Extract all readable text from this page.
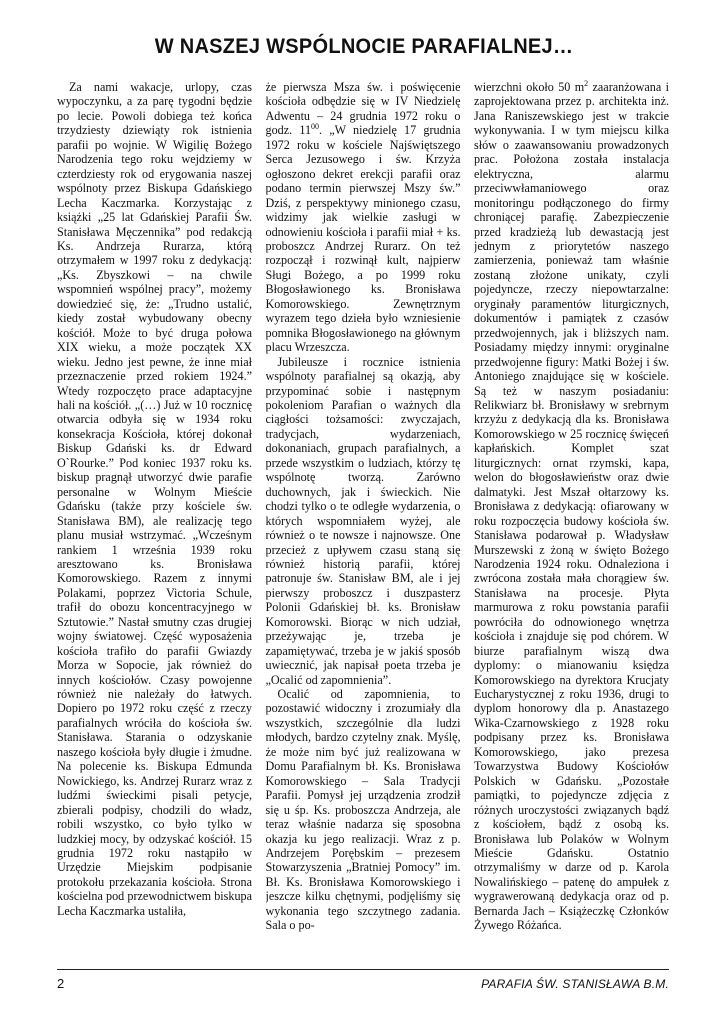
W NASZEJ WSPÓLNOCIE PARAFIALNEJ…

Za nami wakacje, urlopy, czas wypoczynku, a za parę tygodni będzie po lecie. Powoli dobiega też końca trzydziesty dziewiąty rok istnienia parafii po wojnie. W Wigilię Bożego Narodzenia tego roku wejdziemy w czterdziesty rok od erygowania naszej wspólnoty przez Biskupa Gdańskiego Lecha Kaczmarka. Korzystając z książki „25 lat Gdańskiej Parafii Św. Stanisława Męczennika” pod redakcją Ks. Andrzeja Rurarza, którą otrzymałem w 1997 roku z dedykacją: „Ks. Zbyszkowi – na chwile wspomnień wspólnej pracy”, możemy dowiedzieć się, że: „Trudno ustalić, kiedy został wybudowany obecny kościół. Może to być druga połowa XIX wieku, a może początek XX wieku. Jedno jest pewne, że inne miał przeznaczenie przed rokiem 1924.” Wtedy rozpoczęto prace adaptacyjne hali na kościół. „(…) Już w 10 rocznicę otwarcia odbyła się w 1934 roku konsekracja Kościoła, której dokonał Biskup Gdański ks. dr Edward O`Rourke.” Pod koniec 1937 roku ks. biskup pragnął utworzyć dwie parafie personalne w Wolnym Mieście Gdańsku (także przy kościele św. Stanisława BM), ale realizację tego planu musiał wstrzymać. „Wcześnym rankiem 1 września 1939 roku aresztowano ks. Bronisława Komorowskiego. Razem z innymi Polakami, poprzez Victoria Schule, trafił do obozu koncentracyjnego w Sztutowie.” Nastał smutny czas drugiej wojny światowej. Część wyposażenia kościoła trafiło do parafii Gwiazdy Morza w Sopocie, jak również do innych kościołów. Czasy powojenne również nie należały do łatwych. Dopiero po 1972 roku część z rzeczy parafialnych wróciła do kościoła św. Stanisława. Starania o odzyskanie naszego kościoła były długie i żmudne. Na polecenie ks. Biskupa Edmunda Nowickiego, ks. Andrzej Rurarz wraz z ludźmi świeckimi pisali petycje, zbierali podpisy, chodzili do władz, robili wszystko, co było tylko w ludzkiej mocy, by odzyskać kościół. 15 grudnia 1972 roku nastąpiło w Urzędzie Miejskim podpisanie protokołu przekazania kościoła. Stronа kościelna pod przewodnictwem biskupa Lecha Kaczmarka ustaliła,

że pierwsza Msza św. i poświęcenie kościoła odbędzie się w IV Niedzielę Adwentu – 24 grudnia 1972 roku o godz. $11^{00}$. „W niedzielę 17 grudnia 1972 roku w kościele Najświętszego Serca Jezusowego i św. Krzyża ogłoszono dekret erekcji parafii oraz podano termin pierwszej Mszy św.” Dziś, z perspektywy minionego czasu, widzimy jak wielkie zasługi w odnowieniu kościoła i parafii miał + ks. proboszcz Andrzej Rurarz. On też rozpoczął i rozwinął kult, najpierw Sługi Bożego, a po 1999 roku Błogosławionego ks. Bronisława Komorowskiego. Zewnętrznym wyrazem tego dzieła było wzniesienie pomnika Błogosławionego na głównym placu Wrzeszcza.

Jubileusze i rocznice istnienia wspólnoty parafialnej są okazją, aby przypominać sobie i następnym pokoleniom Parafian o ważnych dla ciągłości tożsamości: zwyczajach, tradycjach, wydarzeniach, dokonaniach, grupach parafialnych, a przede wszystkim o ludziach, którzy tę wspólnotę tworzą. Zarówno duchownych, jak i świeckich. Nie chodzi tylko o te odległe wydarzenia, o których wspomniałem wyżej, ale również o te nowsze i najnowsze. One przecież z upływem czasu staną się również historią parafii, której patronuje św. Stanisław BM, ale i jej pierwszy proboszcz i duszpasterz Polonii Gdańskiej bł. ks. Bronisław Komorowski. Biorąc w nich udział, przeżywając je, trzeba je zapamiętywać, trzeba je w jakiś sposób uwiecznić, jak napisał poeta trzeba je „Ocalić od zapomnienia”.

Ocalić od zapomnienia, to pozostawić widoczny i zrozumiały dla wszystkich, szczególnie dla ludzi młodych, bardzo czytelny znak. Myślę, że może nim być już realizowana w Domu Parafialnym bł. Ks. Bronisława Komorowskiego – Sala Tradycji Parafii. Pomysł jej urządzenia zrodził się u śp. Ks. proboszcza Andrzeja, ale teraz właśnie nadarza się sposobna okazja ku jego realizacji. Wraz z p. Andrzejem Porębskim – prezesem Stowarzyszenia „Bratniej Pomocy” im. Bł. Ks. Bronisława Komorowskiego i jeszcze kilku chętnymi, podjęliśmy się wykonania tego szczytnego zadania. Sala o po-

wierzchni około 50 $m^2$ zaaranżowana i zaprojektowana przez p. architekta inż. Jana Raniszewskiego jest w trakcie wykonywania. I w tym miejscu kilka słów o zaawansowaniu prowadzonych prac. Położona została instalacja elektryczna, alarmu przeciwwłamaniowego oraz monitoringu podłączonego do firmy chroniącej parafię. Zabezpieczenie przed kradzieżą lub dewastacją jest jednym z priorytetów naszego zamierzenia, ponieważ tam właśnie zostaną złożone unikaty, czyli pojedyncze, rzeczy niepowtarzalne: oryginały paramentów liturgicznych, dokumentów i pamiątek z czasów przedwojennych, jak i bliższych nam. Posiadamy między innymi: oryginalne przedwojenne figury: Matki Bożej i św. Antoniego znajdujące się w kościele. Są też w naszym posiadaniu: Relikwiarz bł. Bronisławy w srebrnym krzyżu z dedykacją dla ks. Bronisława Komorowskiego w 25 rocznicę święceń kapłańskich. Komplet szat liturgicznych: ornat rzymski, kapa, welon do błogosławieństw oraz dwie dalmatyki. Jest Mszał ołtarzowy ks. Bronisława z dedykacją: ofiarowany w roku rozpoczęcia budowy kościoła św. Stanisława podarował p. Władysław Murszewski z żoną w święto Bożego Narodzenia 1924 roku. Odnaleziona i zwrócona została mała chorągiew św. Stanisława na procesje. Płyta marmurowa z roku powstania parafii powróciła do odnowionego wnętrza kościoła i znajduje się pod chórem. W biurze parafialnym wiszą dwa dyplomy: o mianowaniu księdza Komorowskiego na dyrektora Krucjaty Eucharystycznej z roku 1936, drugi to dyplom honorowy dla p. Anastazego Wika-Czarnowskiego z 1928 roku podpisany przez ks. Bronisława Komorowskiego, jako prezesa Towarzystwa Budowy Kościołów Polskich w Gdańsku. „Pozostałe pamiątki, to pojedyncze zdjęcia z różnych uroczystości związanych bądź z kościołem, bądź z osobą ks. Bronisława lub Polaków w Wolnym Mieście Gdańsku. Ostatnio otrzymaliśmy w darze od p. Karola Nowalińskiego – patenę do ampułek z wygrawerowaną dedykacja oraz od p. Bernarda Jach – Książeczkę Członków Żywego Różańca.

2	PARAFIA ŚW. STANISŁAWA B.M.
